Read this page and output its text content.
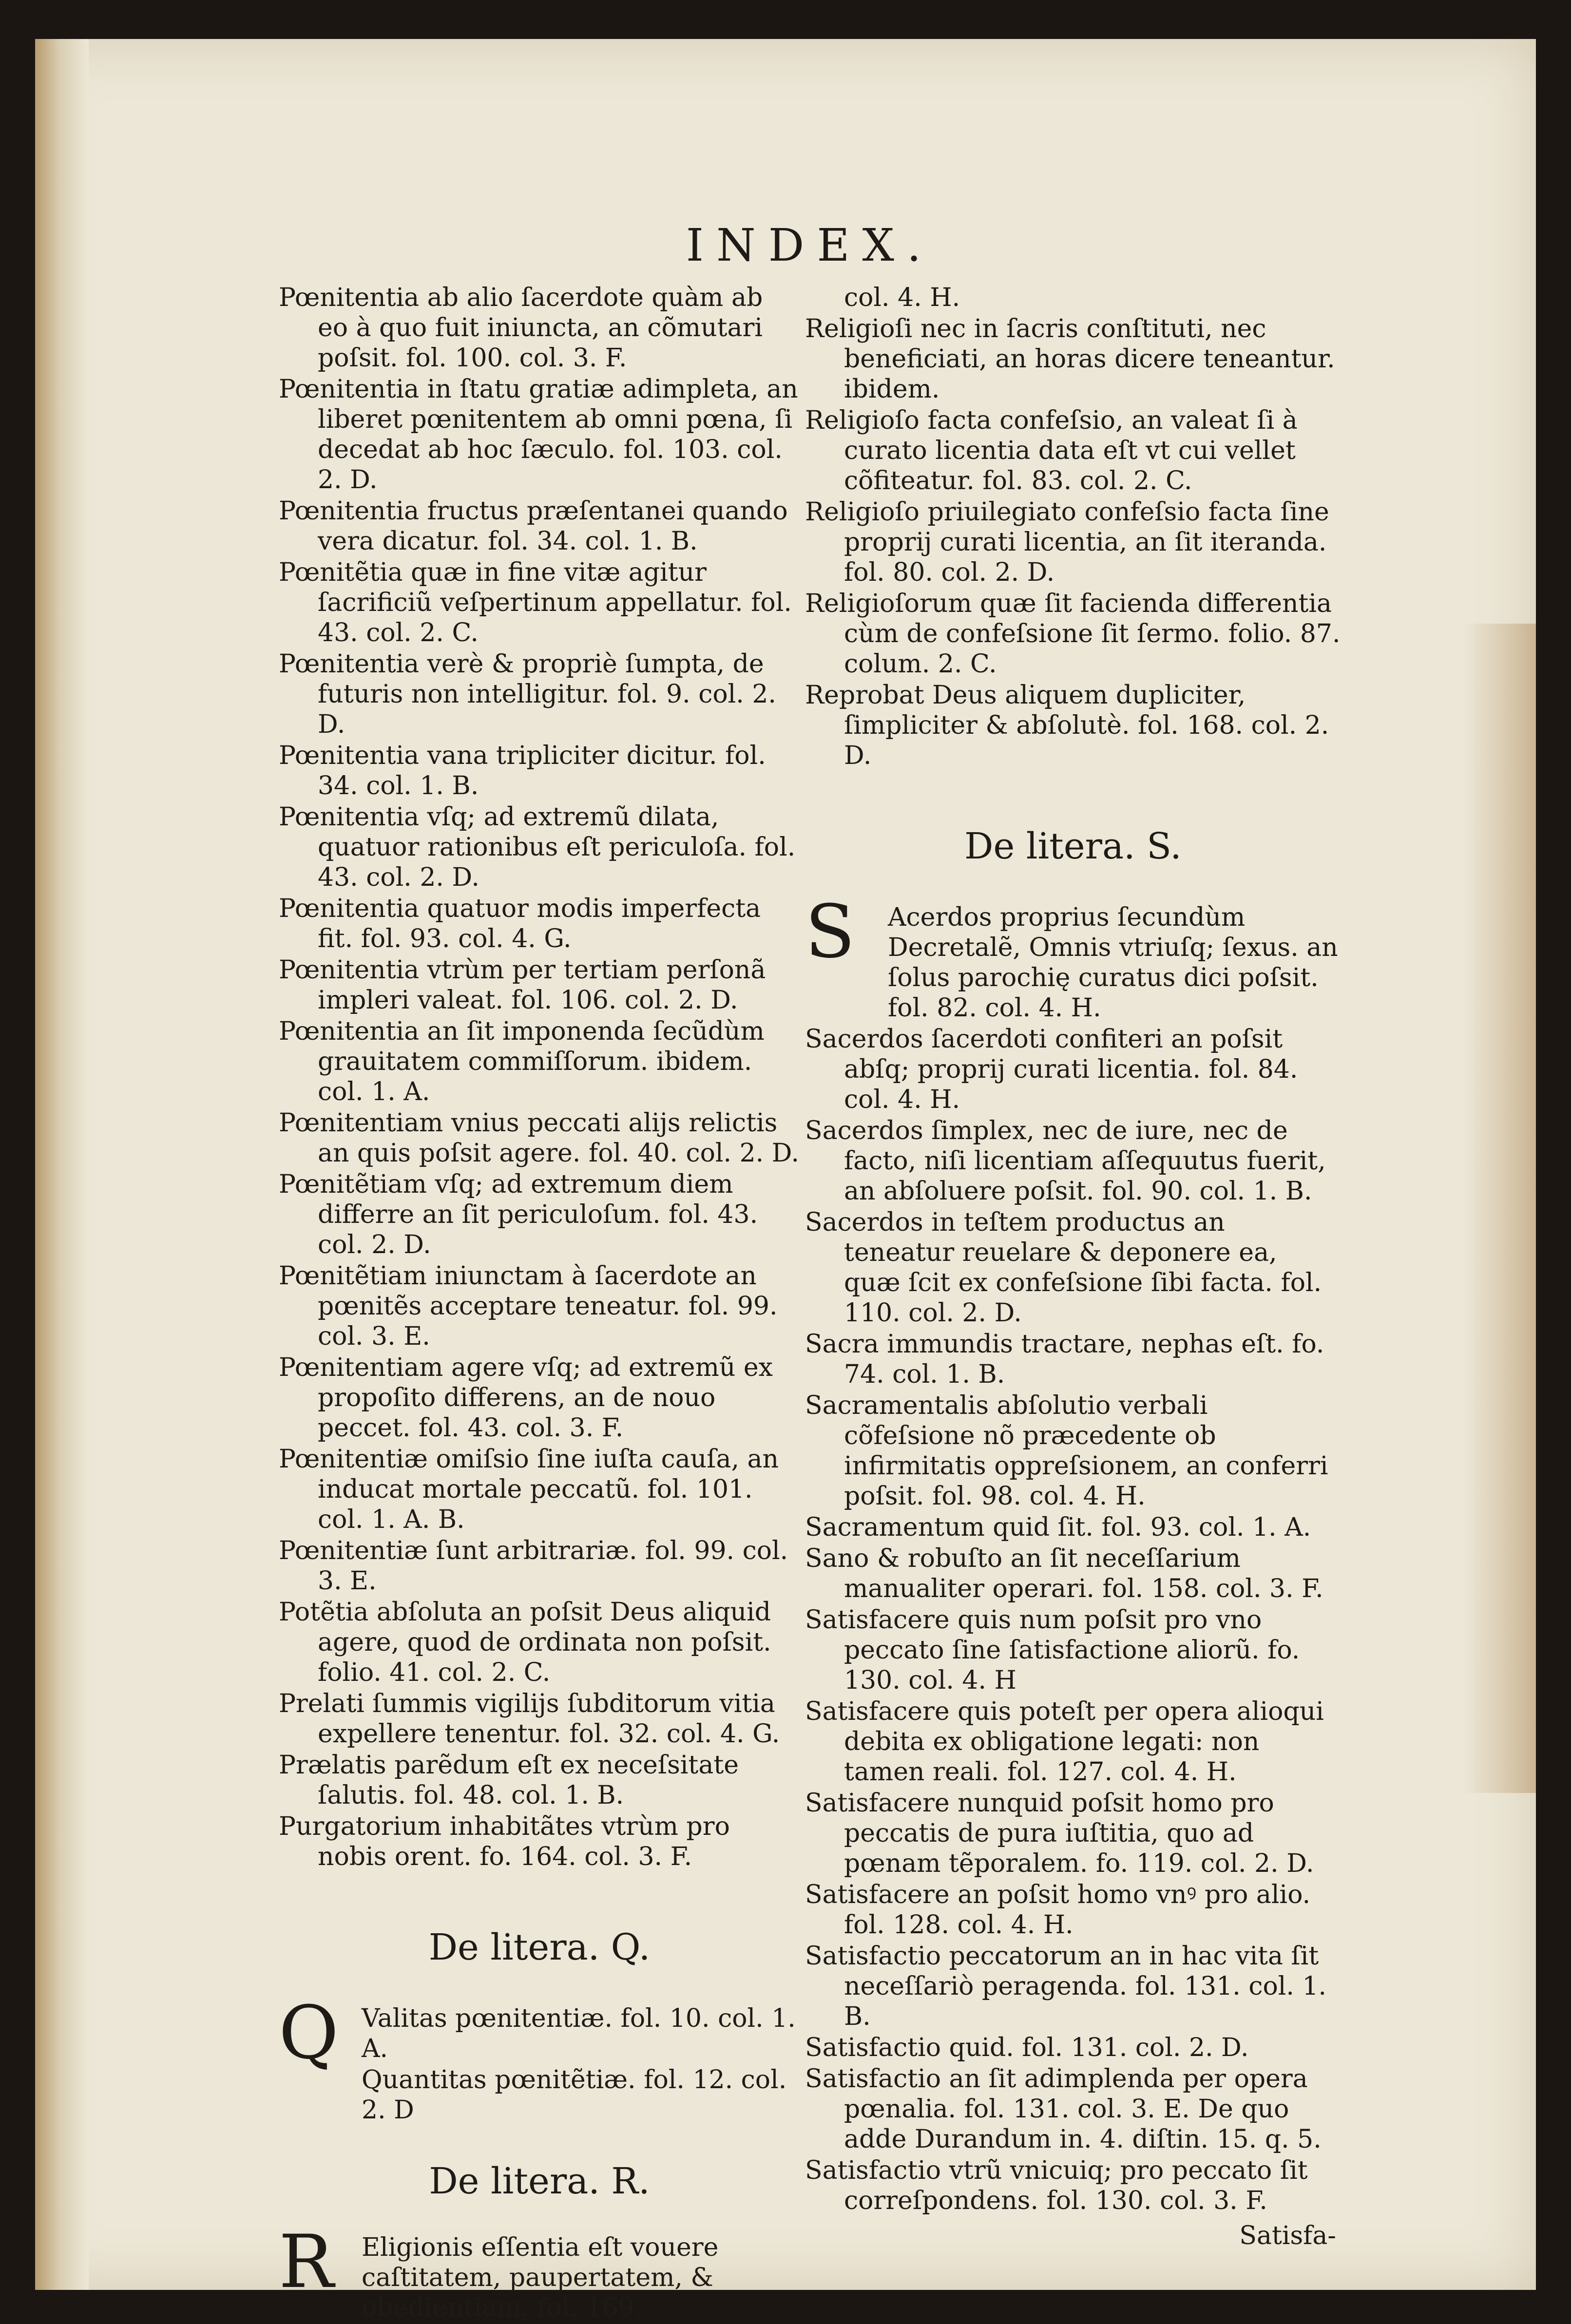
INDEX.
Pœnitentia ab alio ſacerdote quàm ab eo à quo fuit iniuncta, an cõmutari poſsit. fol. 100. col. 3. F.
Pœnitentia in ſtatu gratiæ adimpleta, an liberet pœnitentem ab omni pœna, ſi decedat ab hoc ſæculo. fol. 103. col. 2. D.
Pœnitentia fructus præſentanei quando vera dicatur. fol. 34. col. 1. B.
Pœnitẽtia quæ in fine vitæ agitur ſacrificiũ veſpertinum appellatur. fol. 43. col. 2. C.
Pœnitentia verè & propriè ſumpta, de futuris non intelligitur. fol. 9. col. 2. D.
Pœnitentia vana tripliciter dicitur. fol. 34. col. 1. B.
Pœnitentia vſq; ad extremũ dilata, quatuor rationibus eſt periculoſa. fol. 43. col. 2. D.
Pœnitentia quatuor modis imperfecta fit. fol. 93. col. 4. G.
Pœnitentia vtrùm per tertiam perſonã impleri valeat. fol. 106. col. 2. D.
Pœnitentia an ſit imponenda ſecũdùm grauitatem commiſſorum. ibidem. col. 1. A.
Pœnitentiam vnius peccati alijs relictis an quis poſsit agere. fol. 40. col. 2. D.
Pœnitẽtiam vſq; ad extremum diem differre an ſit periculoſum. fol. 43. col. 2. D.
Pœnitẽtiam iniunctam à ſacerdote an pœnitẽs acceptare teneatur. fol. 99. col. 3. E.
Pœnitentiam agere vſq; ad extremũ ex propoſito differens, an de nouo peccet. fol. 43. col. 3. F.
Pœnitentiæ omiſsio ſine iuſta cauſa, an inducat mortale peccatũ. fol. 101. col. 1. A. B.
Pœnitentiæ ſunt arbitrariæ. fol. 99. col. 3. E.
Potẽtia abſoluta an poſsit Deus aliquid agere, quod de ordinata non poſsit. folio. 41. col. 2. C.
Prelati ſummis vigilijs ſubditorum vitia expellere tenentur. fol. 32. col. 4. G.
Prælatis parẽdum eſt ex neceſsitate ſalutis. fol. 48. col. 1. B.
Purgatorium inhabitãtes vtrùm pro nobis orent. fo. 164. col. 3. F.
De litera. Q.
Q Valitas pœnitentiæ. fol. 10. col. 1. A.
Quantitas pœnitẽtiæ. fol. 12. col. 2. D
De litera. R.
R Eligionis eſſentia eſt vouere caſtitatem, paupertatem, & obedientiam. fol. 169.
col. 4. H.
Religioſi nec in ſacris conſtituti, nec beneficiati, an horas dicere teneantur. ibidem.
Religioſo facta confeſsio, an valeat ſi à curato licentia data eſt vt cui vellet cõfiteatur. fol. 83. col. 2. C.
Religioſo priuilegiato confeſsio facta ſine proprij curati licentia, an ſit iteranda. fol. 80. col. 2. D.
Religioſorum quæ ſit facienda differentia cùm de confeſsione ſit ſermo. folio. 87. colum. 2. C.
Reprobat Deus aliquem dupliciter, ſimpliciter & abſolutè. fol. 168. col. 2. D.
De litera. S.
S Acerdos proprius ſecundùm Decretalẽ, Omnis vtriuſq; ſexus. an ſolus parochię curatus dici poſsit. fol. 82. col. 4. H.
Sacerdos ſacerdoti confiteri an poſsit abſq; proprij curati licentia. fol. 84. col. 4. H.
Sacerdos ſimplex, nec de iure, nec de facto, niſi licentiam aſſequutus fuerit, an abſoluere poſsit. fol. 90. col. 1. B.
Sacerdos in teſtem productus an teneatur reuelare & deponere ea, quæ ſcit ex confeſsione ſibi facta. fol. 110. col. 2. D.
Sacra immundis tractare, nephas eſt. fo. 74. col. 1. B.
Sacramentalis abſolutio verbali cõfeſsione nõ præcedente ob infirmitatis oppreſsionem, an conferri poſsit. fol. 98. col. 4. H.
Sacramentum quid ſit. fol. 93. col. 1. A.
Sano & robuſto an ſit neceſſarium manualiter operari. fol. 158. col. 3. F.
Satisfacere quis num poſsit pro vno peccato ſine ſatisfactione aliorũ. fo. 130. col. 4. H
Satisfacere quis poteſt per opera alioqui debita ex obligatione legati: non tamen reali. fol. 127. col. 4. H.
Satisfacere nunquid poſsit homo pro peccatis de pura iuſtitia, quo ad pœnam tẽporalem. fo. 119. col. 2. D.
Satisfacere an poſsit homo vnꝰ pro alio. fol. 128. col. 4. H.
Satisfactio peccatorum an in hac vita ſit neceſſariò peragenda. fol. 131. col. 1. B.
Satisfactio quid. fol. 131. col. 2. D.
Satisfactio an ſit adimplenda per opera pœnalia. fol. 131. col. 3. E. De quo adde Durandum in. 4. diſtin. 15. q. 5.
Satisfactio vtrũ vnicuiq; pro peccato ſit correſpondens. fol. 130. col. 3. F.
Satisfa-
